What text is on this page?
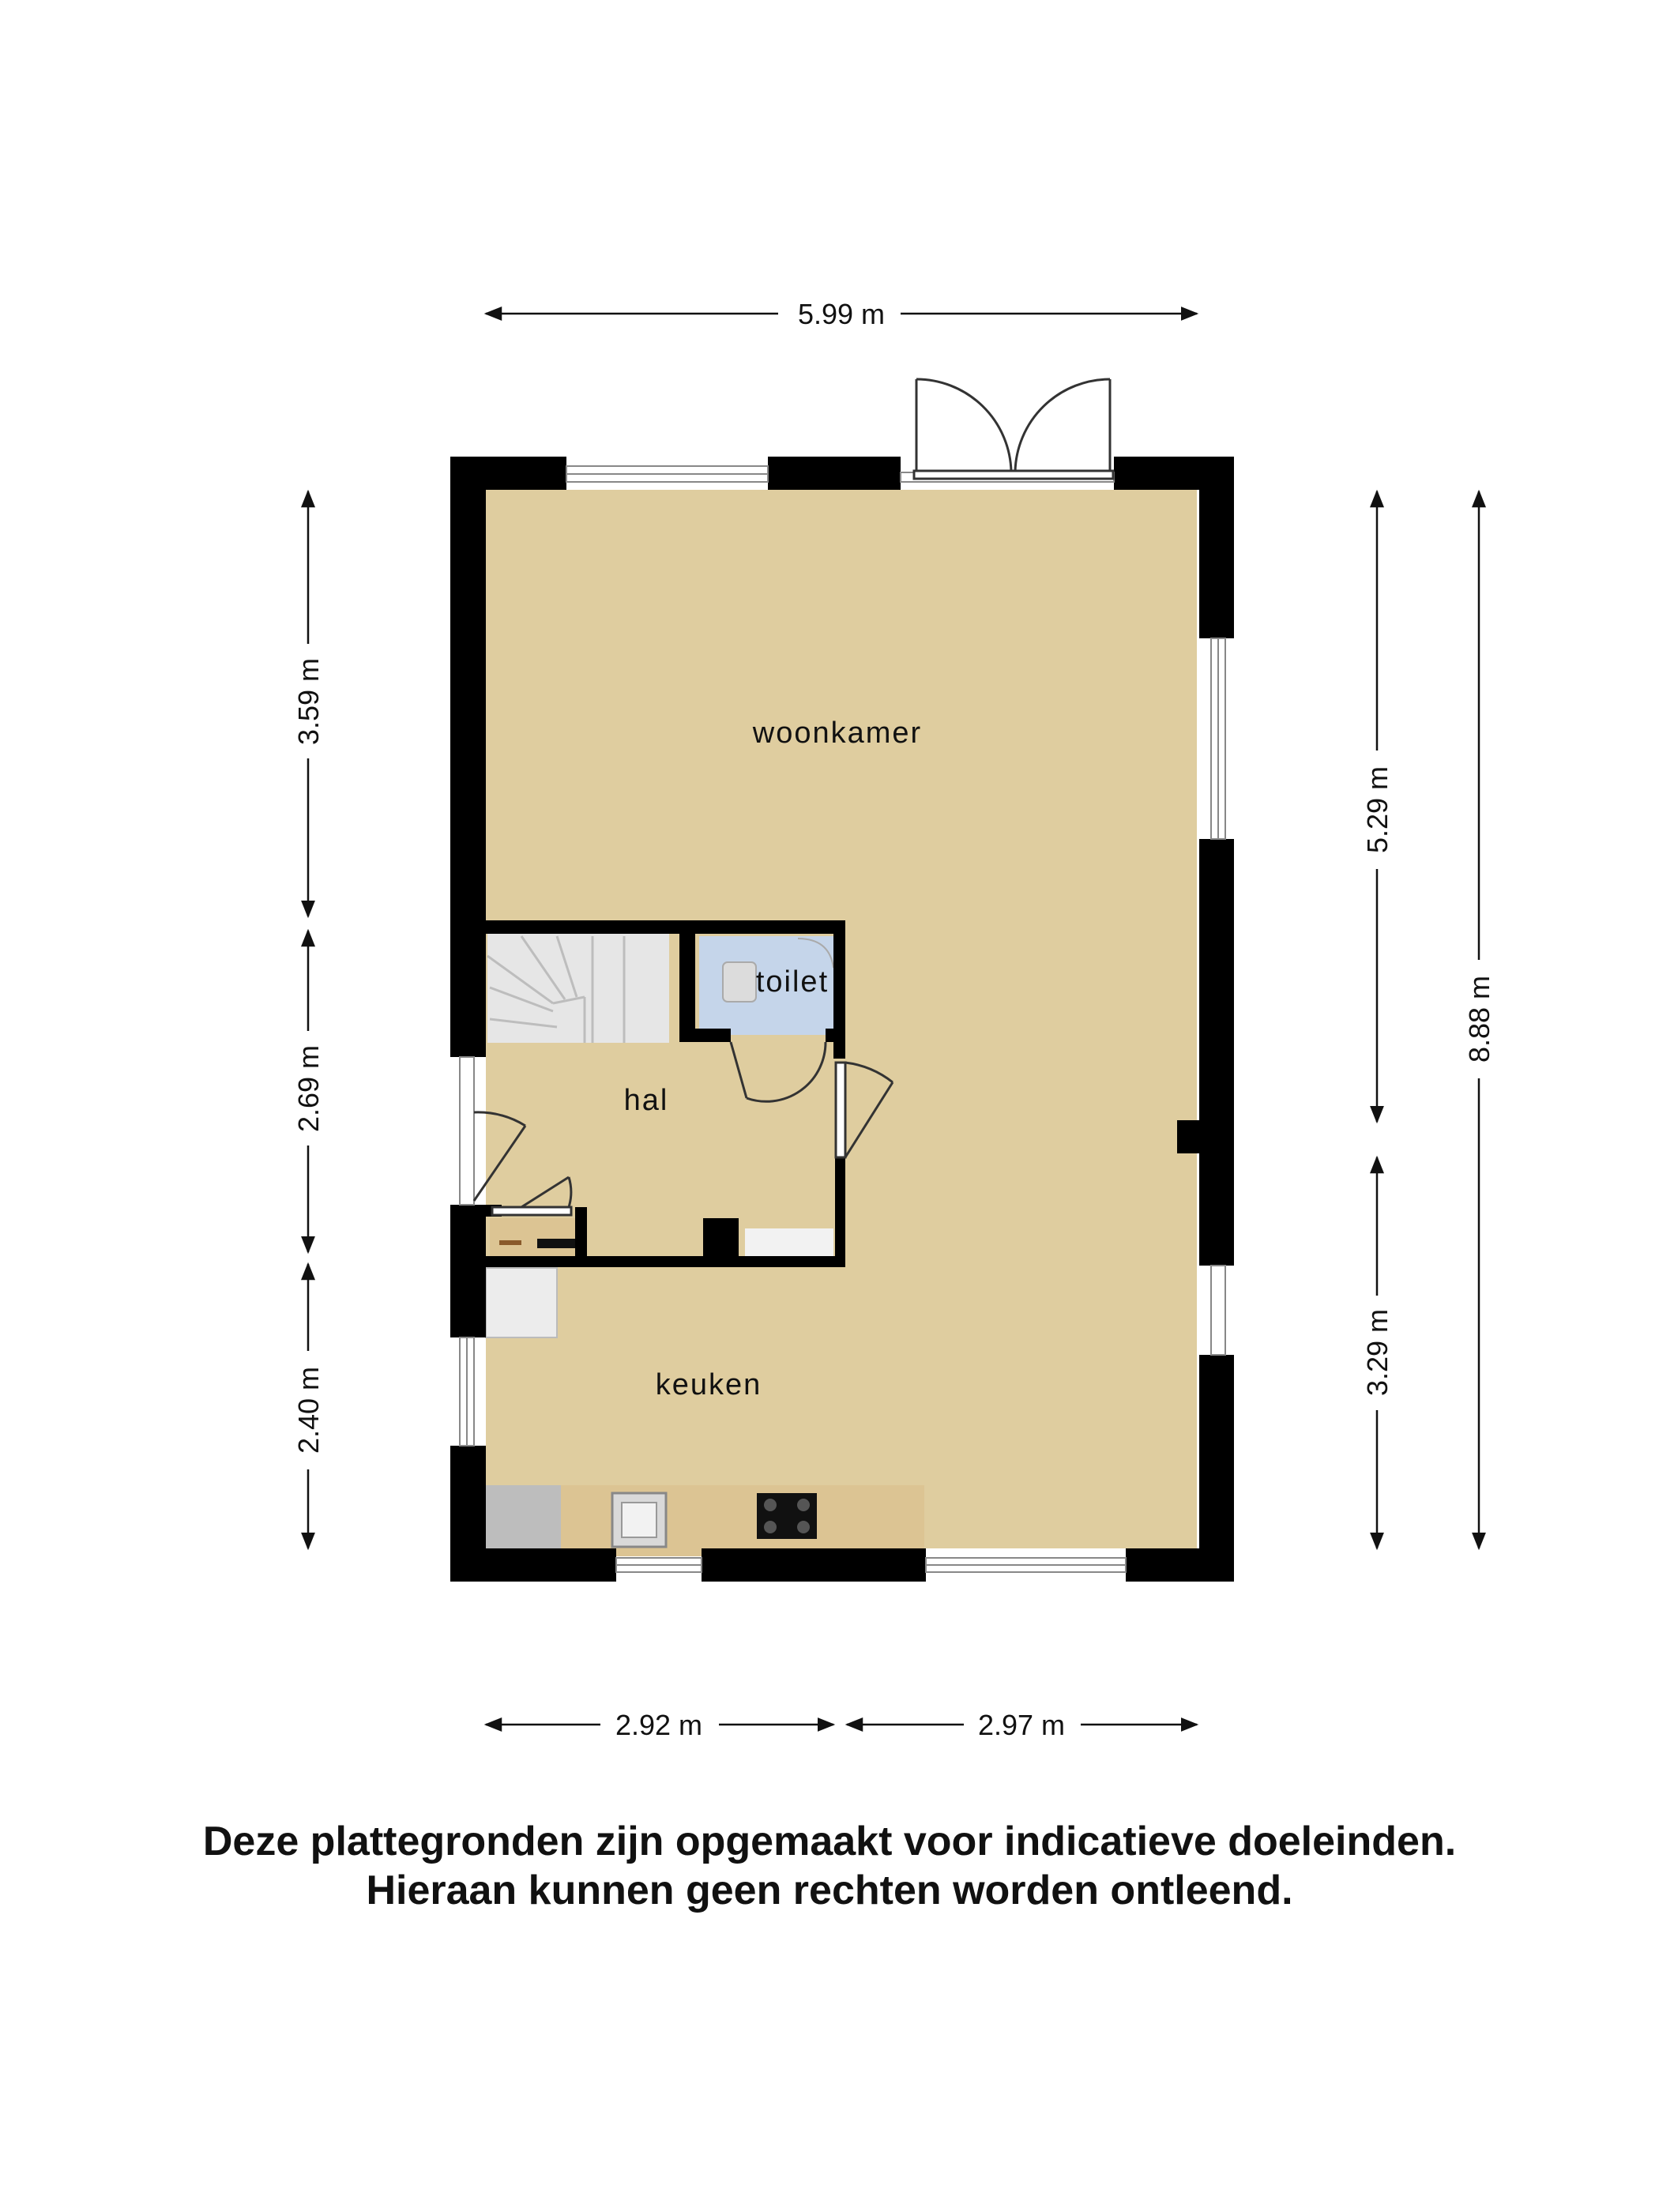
woonkamer
toilet
hal
keuken
5.99 m
2.92 m	2.97 m
3.59 m
2.69 m
2.40 m
5.29 m
3.29 m
8.88 m
Deze plattegronden zijn opgemaakt voor indicatieve doeleinden.
Hieraan kunnen geen rechten worden ontleend.
